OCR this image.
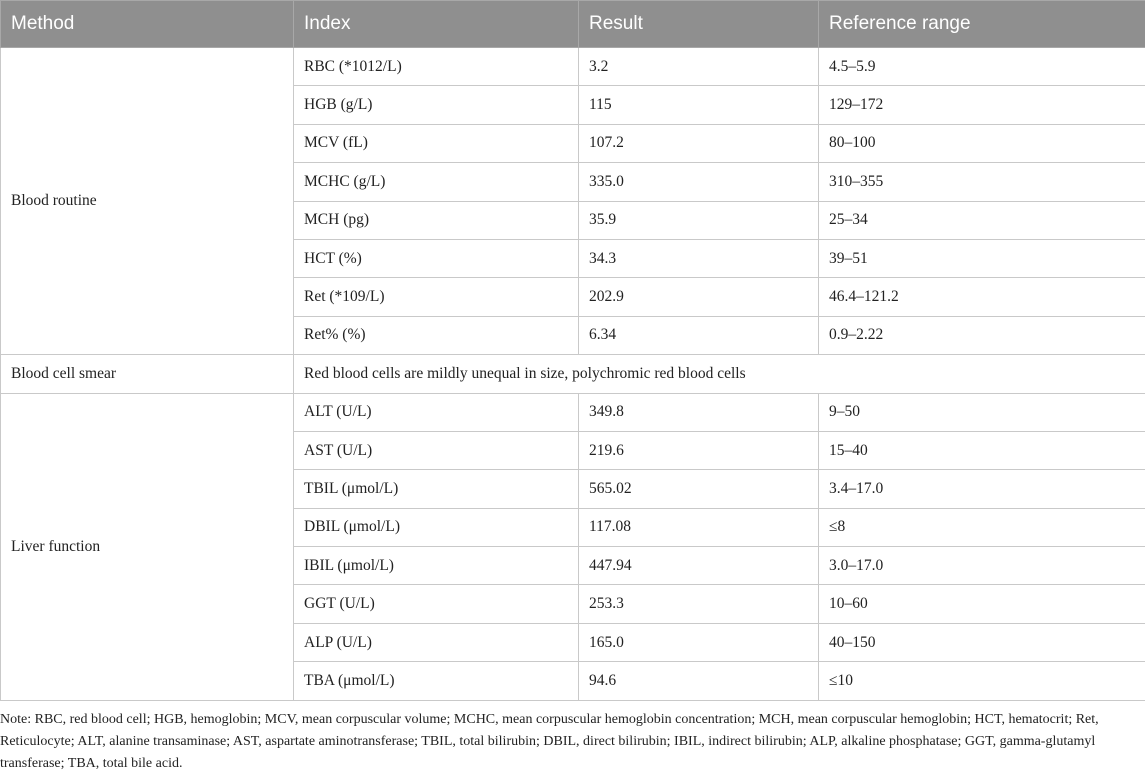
Method	Index	Result	Reference range
Blood routine	RBC (*1012/L)	3.2	4.5–5.9
	HGB (g/L)	115	129–172
	MCV (fL)	107.2	80–100
	MCHC (g/L)	335.0	310–355
	MCH (pg)	35.9	25–34
	HCT (%)	34.3	39–51
	Ret (*109/L)	202.9	46.4–121.2
	Ret% (%)	6.34	0.9–2.22
Blood cell smear	Red blood cells are mildly unequal in size, polychromic red blood cells		
Liver function	ALT (U/L)	349.8	9–50
	AST (U/L)	219.6	15–40
	TBIL (μmol/L)	565.02	3.4–17.0
	DBIL (μmol/L)	117.08	≤8
	IBIL (μmol/L)	447.94	3.0–17.0
	GGT (U/L)	253.3	10–60
	ALP (U/L)	165.0	40–150
	TBA (μmol/L)	94.6	≤10
Note: RBC, red blood cell; HGB, hemoglobin; MCV, mean corpuscular volume; MCHC, mean corpuscular hemoglobin concentration; MCH, mean corpuscular hemoglobin; HCT, hematocrit; Ret, Reticulocyte; ALT, alanine transaminase; AST, aspartate aminotransferase; TBIL, total bilirubin; DBIL, direct bilirubin; IBIL, indirect bilirubin; ALP, alkaline phosphatase; GGT, gamma-glutamyl transferase; TBA, total bile acid.
